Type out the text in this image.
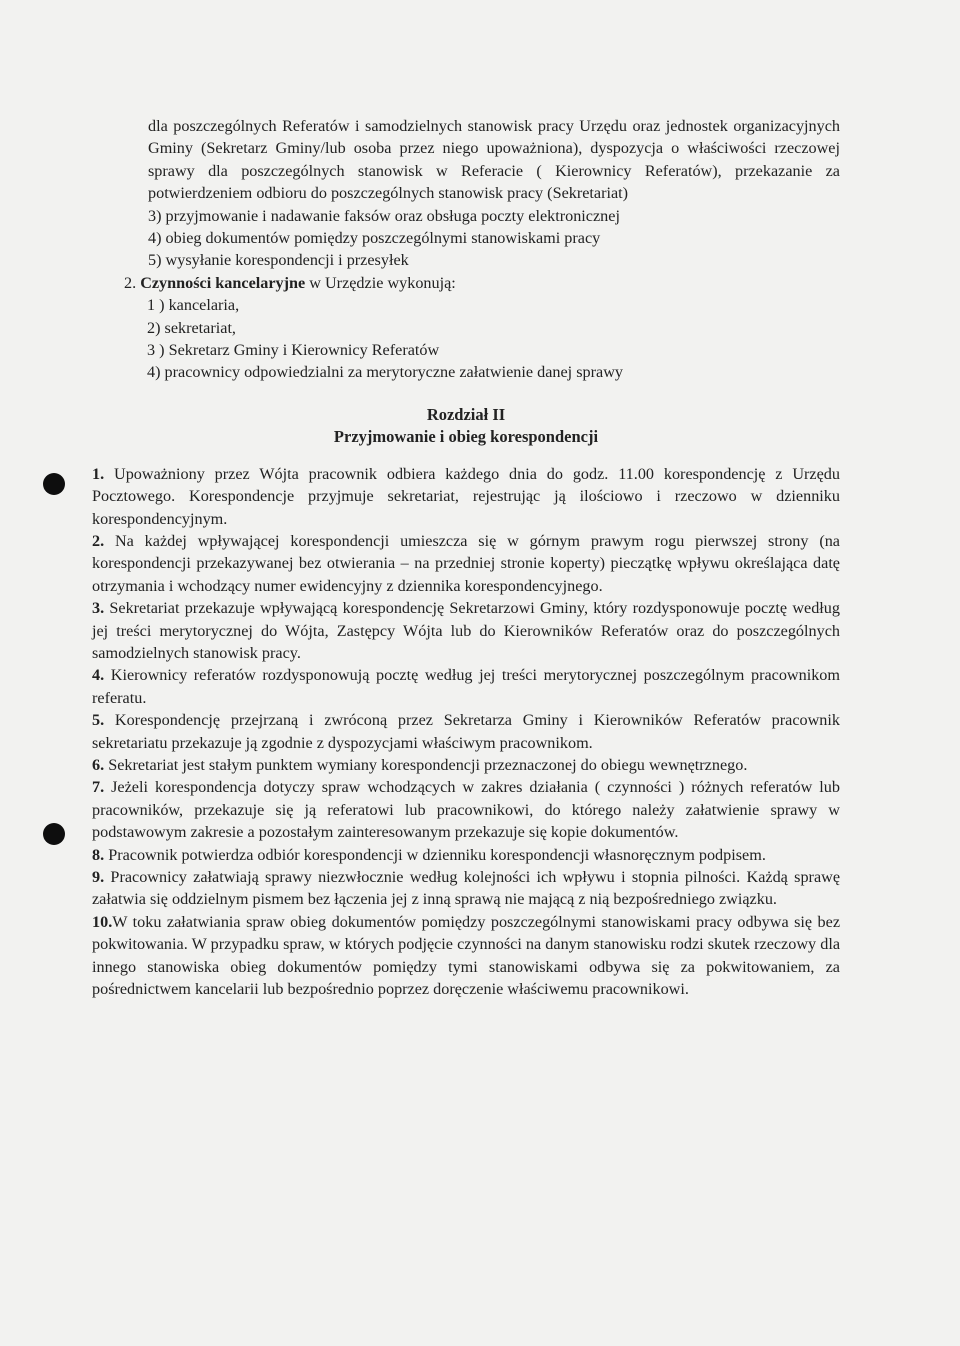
dla poszczególnych Referatów i samodzielnych stanowisk pracy Urzędu oraz jednostek organizacyjnych Gminy (Sekretarz Gminy/lub osoba przez niego upoważniona), dyspozycja o właściwości rzeczowej sprawy dla poszczególnych stanowisk w Referacie ( Kierownicy Referatów), przekazanie za potwierdzeniem odbioru do poszczególnych stanowisk pracy (Sekretariat)

3) przyjmowanie i nadawanie faksów oraz obsługa poczty elektronicznej

4) obieg dokumentów pomiędzy poszczególnymi stanowiskami pracy

5) wysyłanie korespondencji i przesyłek

2. Czynności kancelaryjne w Urzędzie wykonują:

1 ) kancelaria,

2) sekretariat,

3 ) Sekretarz Gminy i Kierownicy Referatów

4) pracownicy odpowiedzialni za merytoryczne załatwienie danej sprawy

Rozdział II

Przyjmowanie i obieg korespondencji

1. Upoważniony przez Wójta pracownik odbiera każdego dnia do godz. 11.00 korespondencję z Urzędu Pocztowego. Korespondencje przyjmuje sekretariat, rejestrując ją ilościowo i rzeczowo w dzienniku korespondencyjnym.

2. Na każdej wpływającej korespondencji umieszcza się w górnym prawym rogu pierwszej strony (na korespondencji przekazywanej bez otwierania – na przedniej stronie koperty) pieczątkę wpływu określająca datę otrzymania i wchodzący numer ewidencyjny z dziennika korespondencyjnego.

3. Sekretariat przekazuje wpływającą korespondencję Sekretarzowi Gminy, który rozdysponowuje pocztę według jej treści merytorycznej do Wójta, Zastępcy Wójta lub do Kierowników Referatów oraz do poszczególnych samodzielnych stanowisk pracy.

4. Kierownicy referatów rozdysponowują pocztę według jej treści merytorycznej poszczególnym pracownikom referatu.

5. Korespondencję przejrzaną i zwróconą przez Sekretarza Gminy i Kierowników Referatów pracownik sekretariatu przekazuje ją zgodnie z dyspozycjami właściwym pracownikom.

6. Sekretariat jest stałym punktem wymiany korespondencji przeznaczonej do obiegu wewnętrznego.

7. Jeżeli korespondencja dotyczy spraw wchodzących w zakres działania ( czynności ) różnych referatów lub pracowników, przekazuje się ją referatowi lub pracownikowi, do którego należy załatwienie sprawy w podstawowym zakresie a pozostałym zainteresowanym przekazuje się kopie dokumentów.

8. Pracownik potwierdza odbiór korespondencji w dzienniku korespondencji własnoręcznym podpisem.

9. Pracownicy załatwiają sprawy niezwłocznie według kolejności ich wpływu i stopnia pilności. Każdą sprawę załatwia się oddzielnym pismem bez łączenia jej z inną sprawą nie mającą z nią bezpośredniego związku.

10.W toku załatwiania spraw obieg dokumentów pomiędzy poszczególnymi stanowiskami pracy odbywa się bez pokwitowania. W przypadku spraw, w których podjęcie czynności na danym stanowisku rodzi skutek rzeczowy dla innego stanowiska obieg dokumentów pomiędzy tymi stanowiskami odbywa się za pokwitowaniem, za pośrednictwem kancelarii lub bezpośrednio poprzez doręczenie właściwemu pracownikowi.
